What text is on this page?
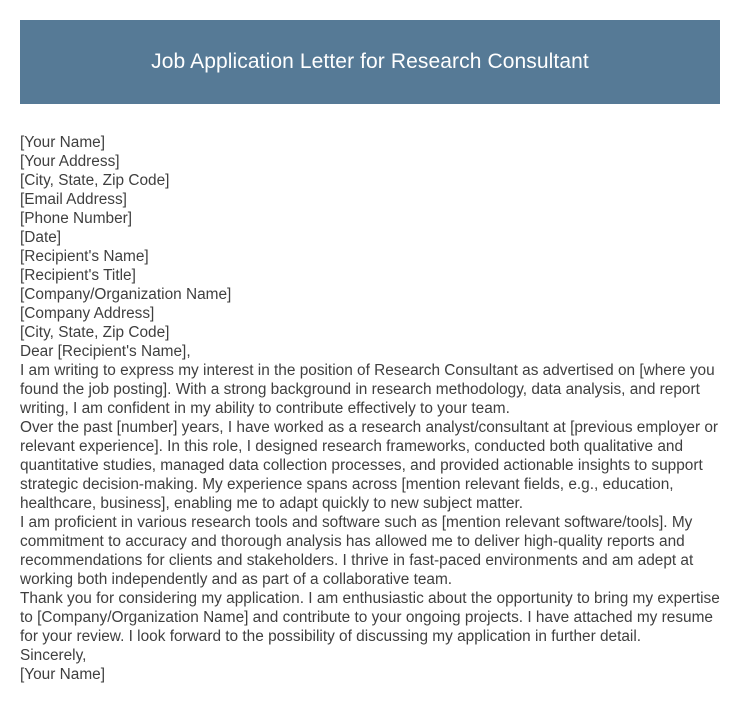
Job Application Letter for Research Consultant
[Your Name]
[Your Address]
[City, State, Zip Code]
[Email Address]
[Phone Number]
[Date]
[Recipient's Name]
[Recipient's Title]
[Company/Organization Name]
[Company Address]
[City, State, Zip Code]
Dear [Recipient's Name],
I am writing to express my interest in the position of Research Consultant as advertised on [where you found the job posting]. With a strong background in research methodology, data analysis, and report writing, I am confident in my ability to contribute effectively to your team.
Over the past [number] years, I have worked as a research analyst/consultant at [previous employer or relevant experience]. In this role, I designed research frameworks, conducted both qualitative and quantitative studies, managed data collection processes, and provided actionable insights to support strategic decision-making. My experience spans across [mention relevant fields, e.g., education, healthcare, business], enabling me to adapt quickly to new subject matter.
I am proficient in various research tools and software such as [mention relevant software/tools]. My commitment to accuracy and thorough analysis has allowed me to deliver high-quality reports and recommendations for clients and stakeholders. I thrive in fast-paced environments and am adept at working both independently and as part of a collaborative team.
Thank you for considering my application. I am enthusiastic about the opportunity to bring my expertise to [Company/Organization Name] and contribute to your ongoing projects. I have attached my resume for your review. I look forward to the possibility of discussing my application in further detail.
Sincerely,
[Your Name]
